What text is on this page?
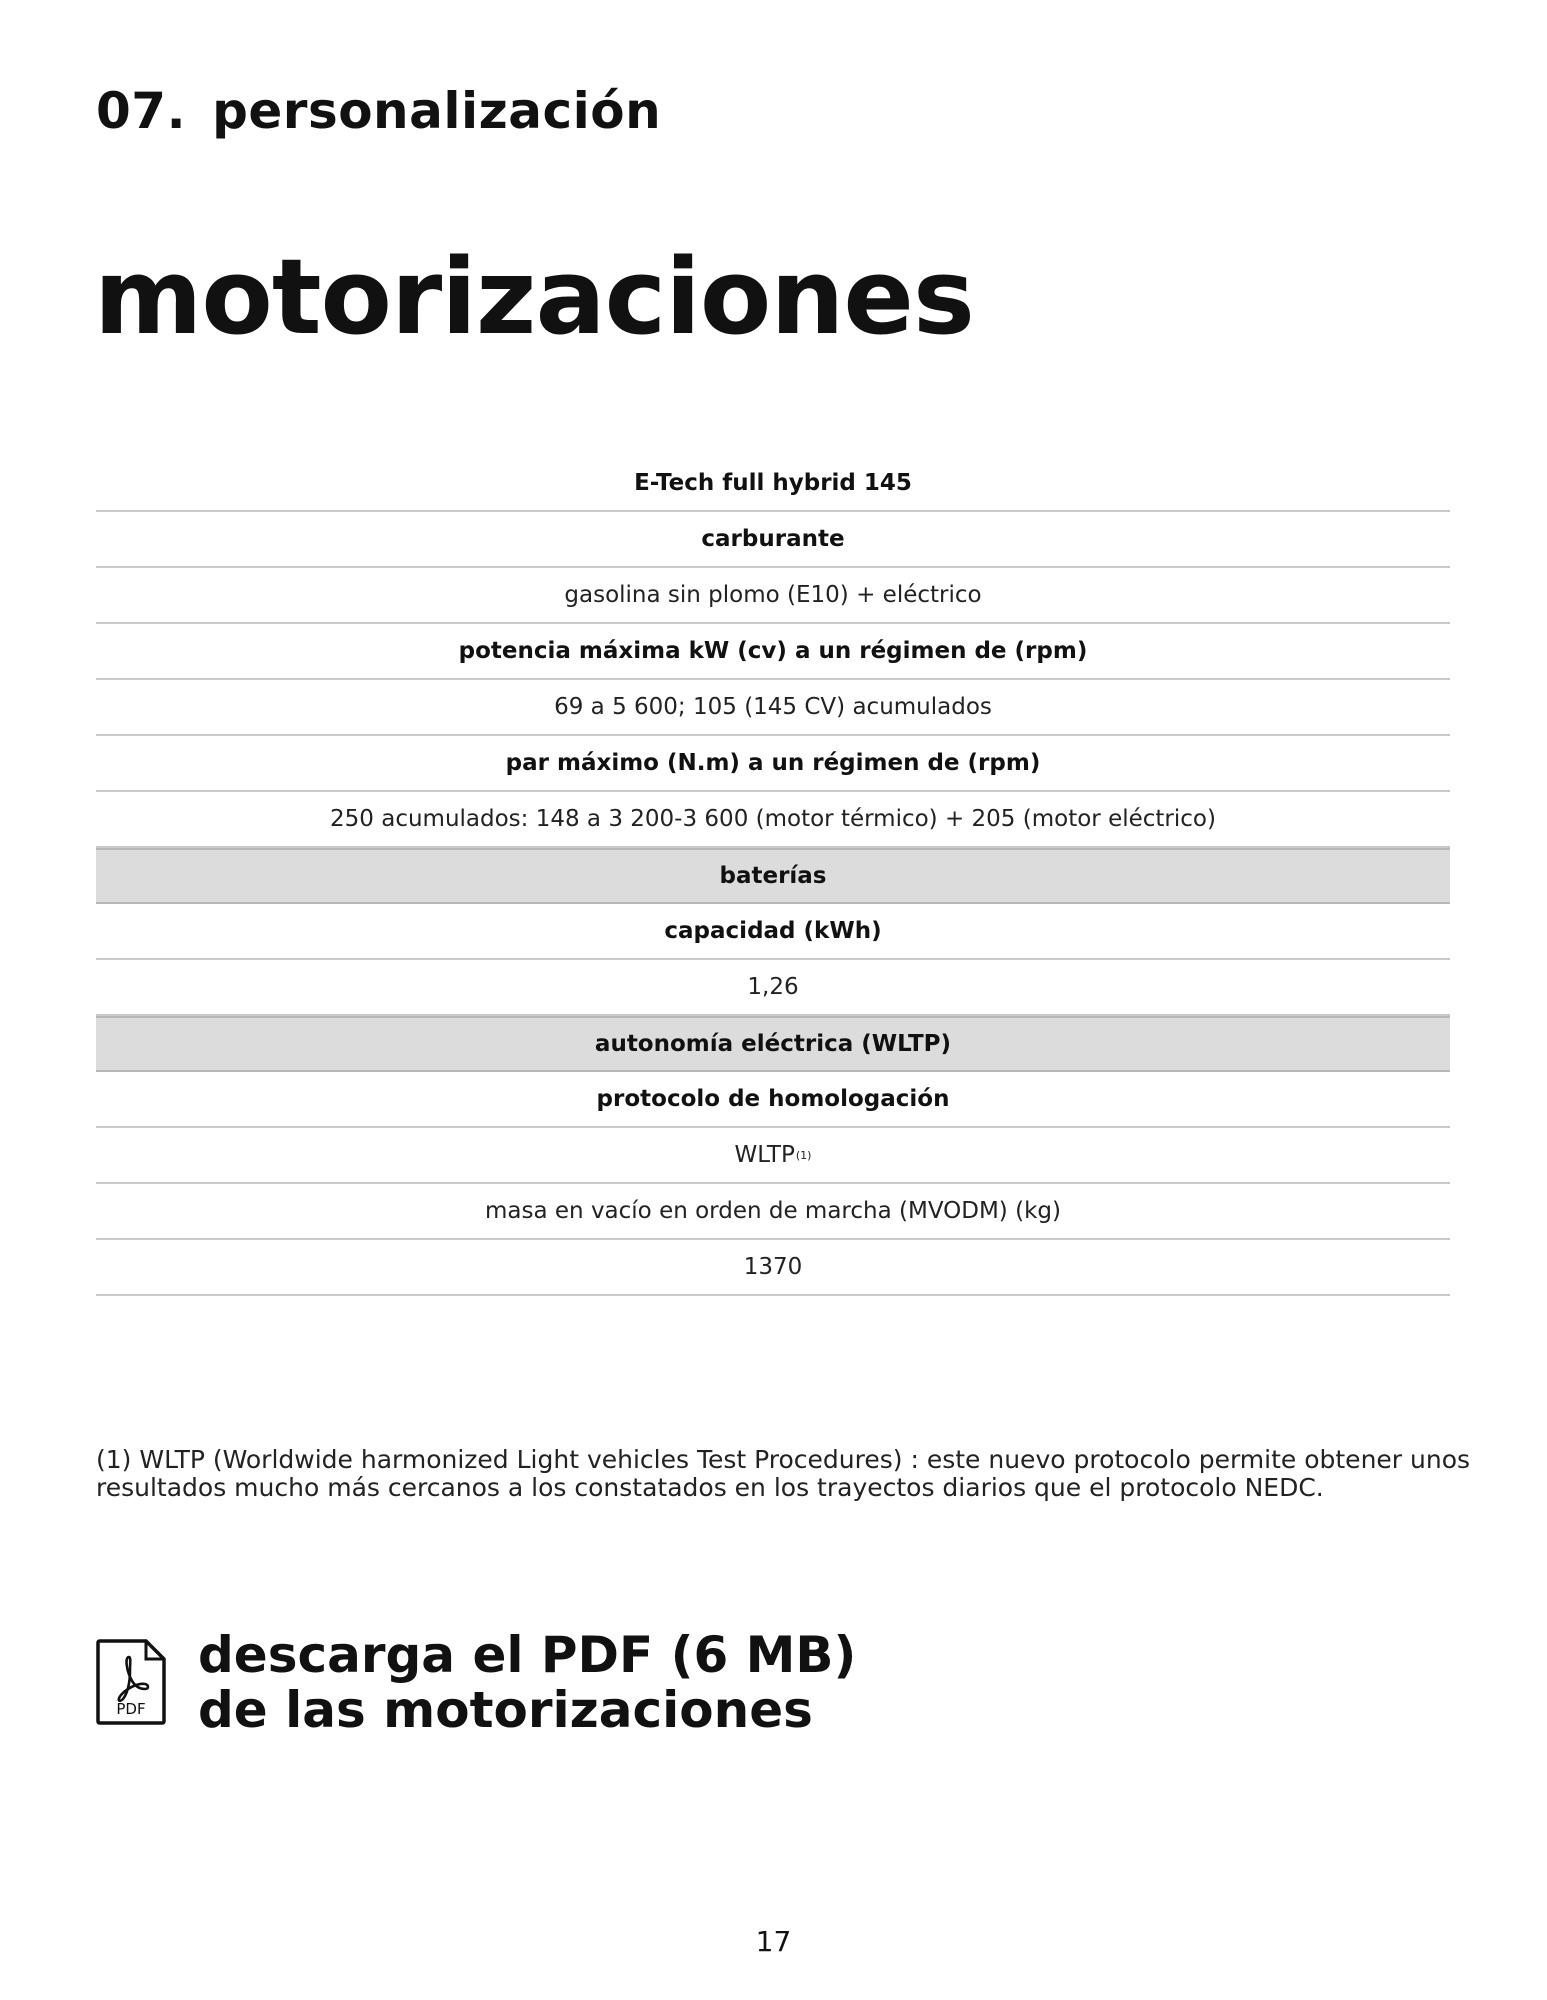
07. personalización
motorizaciones
E-Tech full hybrid 145
carburante
gasolina sin plomo (E10) + eléctrico
potencia máxima kW (cv) a un régimen de (rpm)
69 a 5 600; 105 (145 CV) acumulados
par máximo (N.m) a un régimen de (rpm)
250 acumulados: 148 a 3 200-3 600 (motor térmico) + 205 (motor eléctrico)
baterías
capacidad (kWh)
1,26
autonomía eléctrica (WLTP)
protocolo de homologación
WLTP (1)
masa en vacío en orden de marcha (MVODM) (kg)
1370

(1) WLTP (Worldwide harmonized Light vehicles Test Procedures) : este nuevo protocolo permite obtener unos resultados mucho más cercanos a los constatados en los trayectos diarios que el protocolo NEDC.

PDF
descarga el PDF (6 MB)
de las motorizaciones
17
